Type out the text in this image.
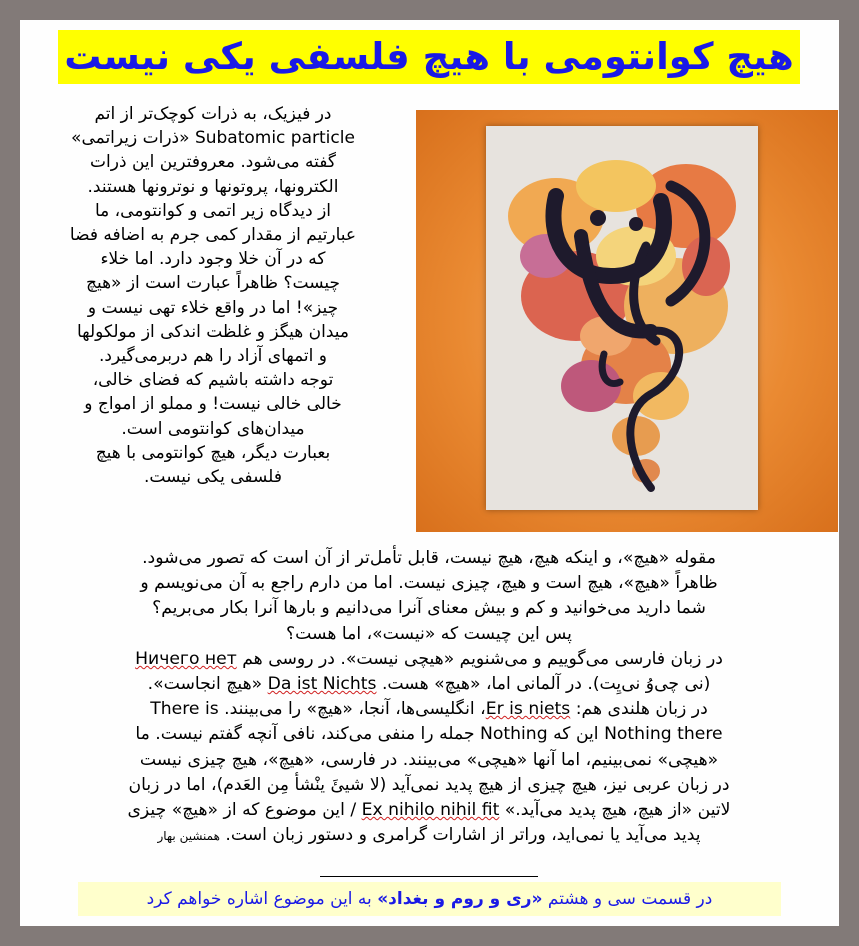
هیچ کوانتومی با هیچ فلسفی یکی نیست

در فیزیک، به ذرات کوچک‌تر از اتم

Subatomic particle «ذرات زیراتمی»

گفته می‌شود. معروفترین این ذرات

الکترونها، پروتونها و نوترونها هستند.

از دیدگاه زیر اتمی و کوانتومی، ما

عبارتیم از مقدار کمی جرم به اضافه فضا

که در آن خلا وجود دارد. اما خلاء

چیست؟ ظاهراً عبارت است از «هیچ

چیز»! اما در واقع خلاء تهی نیست و

میدان هیگز و غلظت اندکی از مولکولها

و اتمهای آزاد را هم دربرمی‌گیرد.

توجه داشته باشیم که فضای خالی،

خالی خالی نیست! و مملو از امواج و

میدان‌های کوانتومی است.

بعبارت دیگر، هیچ کوانتومی با هیچ

فلسفی یکی نیست.

مقوله «هیچ»، و اینکه هیچ، هیچ نیست، قابل تأمل‌تر از آن است که تصور می‌شود.

ظاهراً «هیچ»، هیچ است و هیچ، چیزی نیست. اما من دارم راجع به آن می‌نویسم و

شما دارید می‌خوانید و کم و بیش معنای آنرا می‌دانیم و بارها آنرا بکار می‌بریم؟

پس این چیست که «نیست»، اما هست؟

در زبان فارسی می‌گوییم و می‌شنویم «هیچی نیست». در روسی هم Ничего нет

(نی چی‌وُ نی‌یِت). در آلمانی اما، «هیچ» هست. Da ist Nichts «هیچ انجاست».

در زبان هلندی هم: Er is niets، انگلیسی‌ها، آنجا، «هیچ» را می‌بینند. There is

Nothing there این که Nothing جمله را منفی می‌کند، نافی آنچه گفتم نیست. ما

«هیچی» نمی‌بینیم، اما آنها «هیچی» می‌بینند. در فارسی، «هیچ»، هیچ چیزی نیست

در زبان عربی نیز، هیچ چیزی از هیچ پدید نمی‌آید (لا شیئَ ینْشأ مِن العَدم)، اما در زبان

لاتین «از هیچ، هیچ پدید می‌آید.» Ex nihilo nihil fit / این موضوع که از «هیچ» چیزی

پدید می‌آید یا نمی‌اید، وراتر از اشارات گرامری و دستور زبان است. همنشین بهار

در قسمت سی و هشتم «ری و روم و بغداد» به این موضوع اشاره خواهم کرد
